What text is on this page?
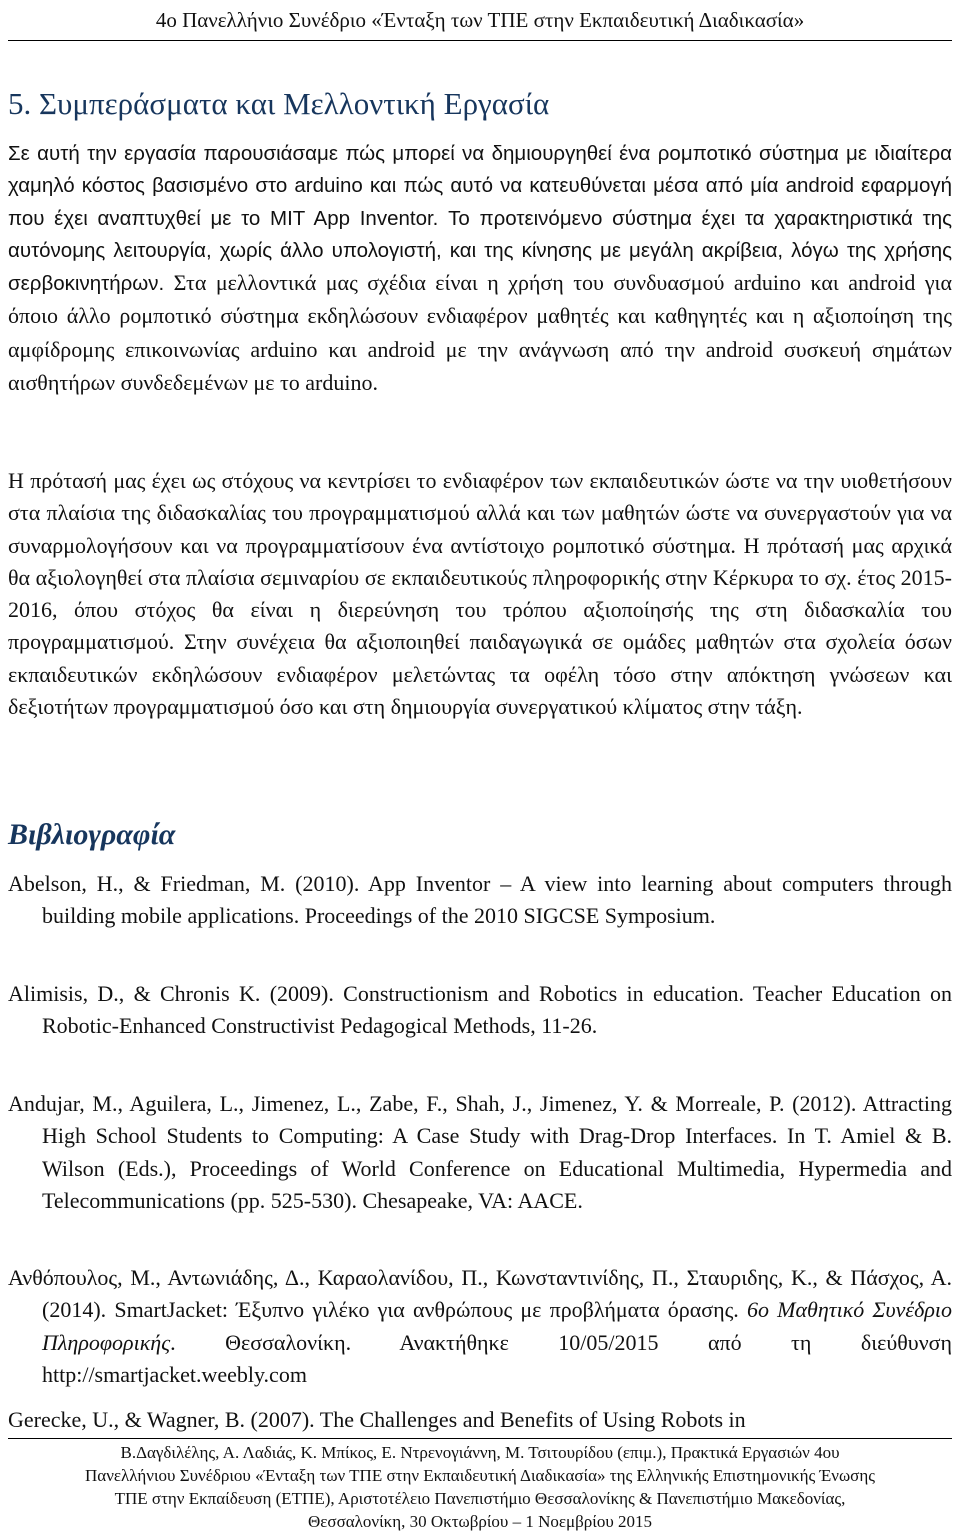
4ο Πανελλήνιο Συνέδριο «Ένταξη των ΤΠΕ στην Εκπαιδευτική Διαδικασία»
5. Συμπεράσματα και Μελλοντική Εργασία

Σε αυτή την εργασία παρουσιάσαμε πώς μπορεί να δημιουργηθεί ένα ρομποτικό σύστημα με ιδιαίτερα χαμηλό κόστος βασισμένο στο arduino και πώς αυτό να κατευθύνεται μέσα από μία android εφαρμογή που έχει αναπτυχθεί με το MIT App Inventor. Το προτεινόμενο σύστημα έχει τα χαρακτηριστικά της αυτόνομης λειτουργία, χωρίς άλλο υπολογιστή, και της κίνησης με μεγάλη ακρίβεια, λόγω της χρήσης σερβοκινητήρων. Στα μελλοντικά μας σχέδια είναι η χρήση του συνδυασμού arduino και android για όποιο άλλο ρομποτικό σύστημα εκδηλώσουν ενδιαφέρον μαθητές και καθηγητές και η αξιοποίηση της αμφίδρομης επικοινωνίας arduino και android με την ανάγνωση από την android συσκευή σημάτων αισθητήρων συνδεδεμένων με το arduino.

Η πρότασή μας έχει ως στόχους να κεντρίσει το ενδιαφέρον των εκπαιδευτικών ώστε να την υιοθετήσουν στα πλαίσια της διδασκαλίας του προγραμματισμού αλλά και των μαθητών ώστε να συνεργαστούν για να συναρμολογήσουν και να προγραμματίσουν ένα αντίστοιχο ρομποτικό σύστημα. Η πρότασή μας αρχικά θα αξιολογηθεί στα πλαίσια σεμιναρίου σε εκπαιδευτικούς πληροφορικής στην Κέρκυρα το σχ. έτος 2015-2016, όπου στόχος θα είναι η διερεύνηση του τρόπου αξιοποίησής της στη διδασκαλία του προγραμματισμού. Στην συνέχεια θα αξιοποιηθεί παιδαγωγικά σε ομάδες μαθητών στα σχολεία όσων εκπαιδευτικών εκδηλώσουν ενδιαφέρον μελετώντας τα οφέλη τόσο στην απόκτηση γνώσεων και δεξιοτήτων προγραμματισμού όσο και στη δημιουργία συνεργατικού κλίματος στην τάξη.

Βιβλιογραφία

Abelson, H., & Friedman, M. (2010). App Inventor – A view into learning about computers through building mobile applications. Proceedings of the 2010 SIGCSE Symposium.

Alimisis, D., & Chronis K. (2009). Constructionism and Robotics in education. Teacher Education on Robotic-Enhanced Constructivist Pedagogical Methods, 11-26.

Andujar, M., Aguilera, L., Jimenez, L., Zabe, F., Shah, J., Jimenez, Y. & Morreale, P. (2012). Attracting High School Students to Computing: A Case Study with Drag-Drop Interfaces. In T. Amiel & B. Wilson (Eds.), Proceedings of World Conference on Educational Multimedia, Hypermedia and Telecommunications (pp. 525-530). Chesapeake, VA: AACE.

Ανθόπουλος, Μ., Αντωνιάδης, Δ., Καραολανίδου, Π., Κωνσταντινίδης, Π., Σταυριδης, Κ., & Πάσχος, Α. (2014). SmartJacket: Έξυπνο γιλέκο για ανθρώπους με προβλήματα όρασης. 6ο Μαθητικό Συνέδριο Πληροφορικής. Θεσσαλονίκη. Ανακτήθηκε 10/05/2015 από τη διεύθυνση http://smartjacket.weebly.com

Gerecke, U., & Wagner, B. (2007). The Challenges and Benefits of Using Robots in

Β.Δαγδιλέλης, Α. Λαδιάς, Κ. Μπίκος, Ε. Ντρενογιάννη, Μ. Τσιτουρίδου (επιμ.), Πρακτικά Εργασιών 4ου
Πανελλήνιου Συνέδριου «Ένταξη των ΤΠΕ στην Εκπαιδευτική Διαδικασία» της Ελληνικής Επιστημονικής Ένωσης
ΤΠΕ στην Εκπαίδευση (ΕΤΠΕ), Αριστοτέλειο Πανεπιστήμιο Θεσσαλονίκης & Πανεπιστήμιο Μακεδονίας,
Θεσσαλονίκη, 30 Οκτωβρίου – 1 Νοεμβρίου 2015
